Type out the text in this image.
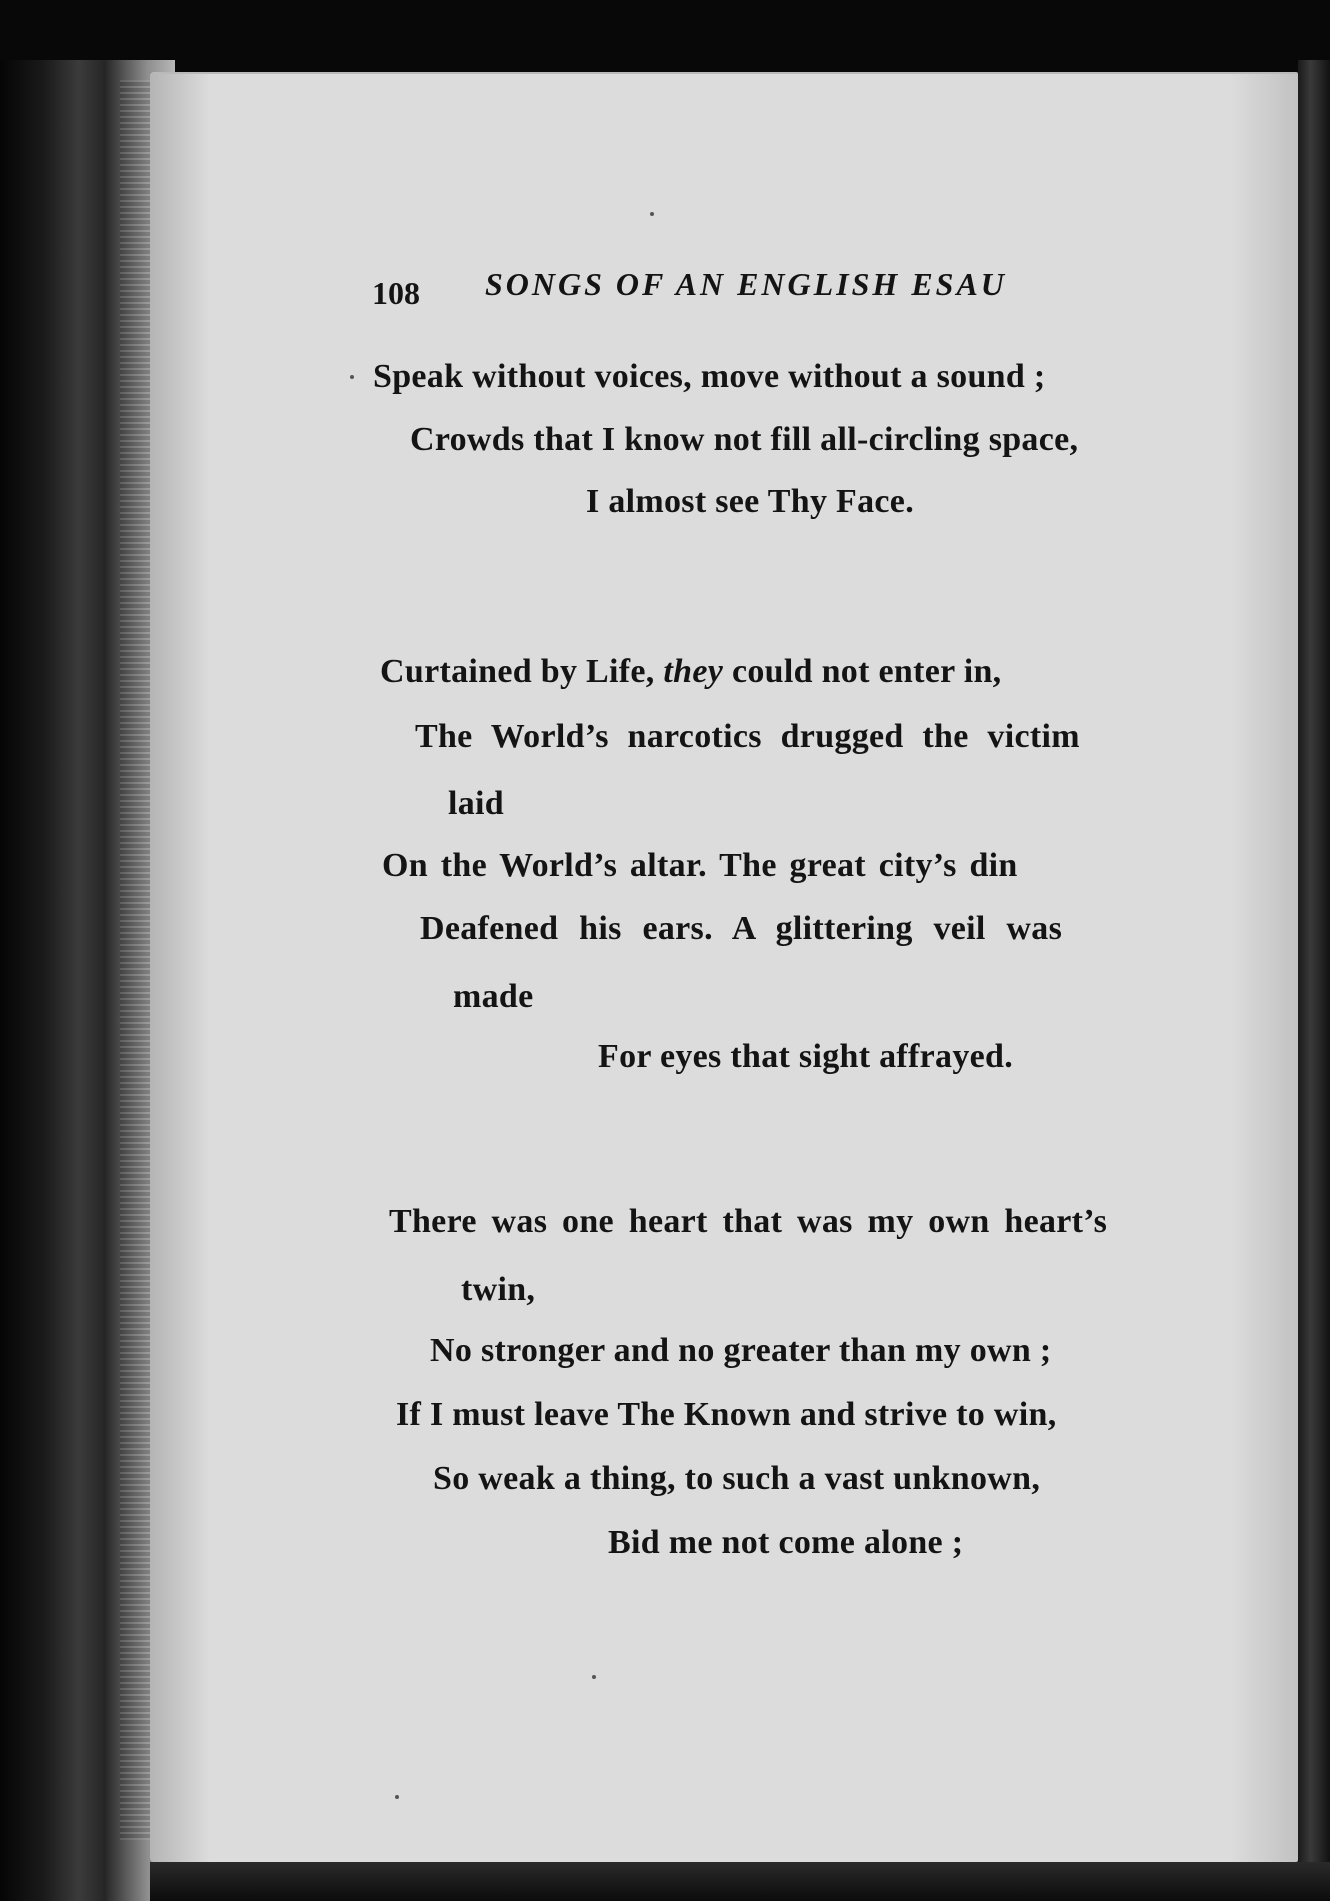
108 SONGS OF AN ENGLISH ESAU
Speak without voices, move without a sound ;
Crowds that I know not fill all-circling space,
I almost see Thy Face.
Curtained by Life, they could not enter in,
The World’s narcotics drugged the victim
laid
On the World’s altar. The great city’s din
Deafened his ears. A glittering veil was
made
For eyes that sight affrayed.
There was one heart that was my own heart’s
twin,
No stronger and no greater than my own ;
If I must leave The Known and strive to win,
So weak a thing, to such a vast unknown,
Bid me not come alone ;
